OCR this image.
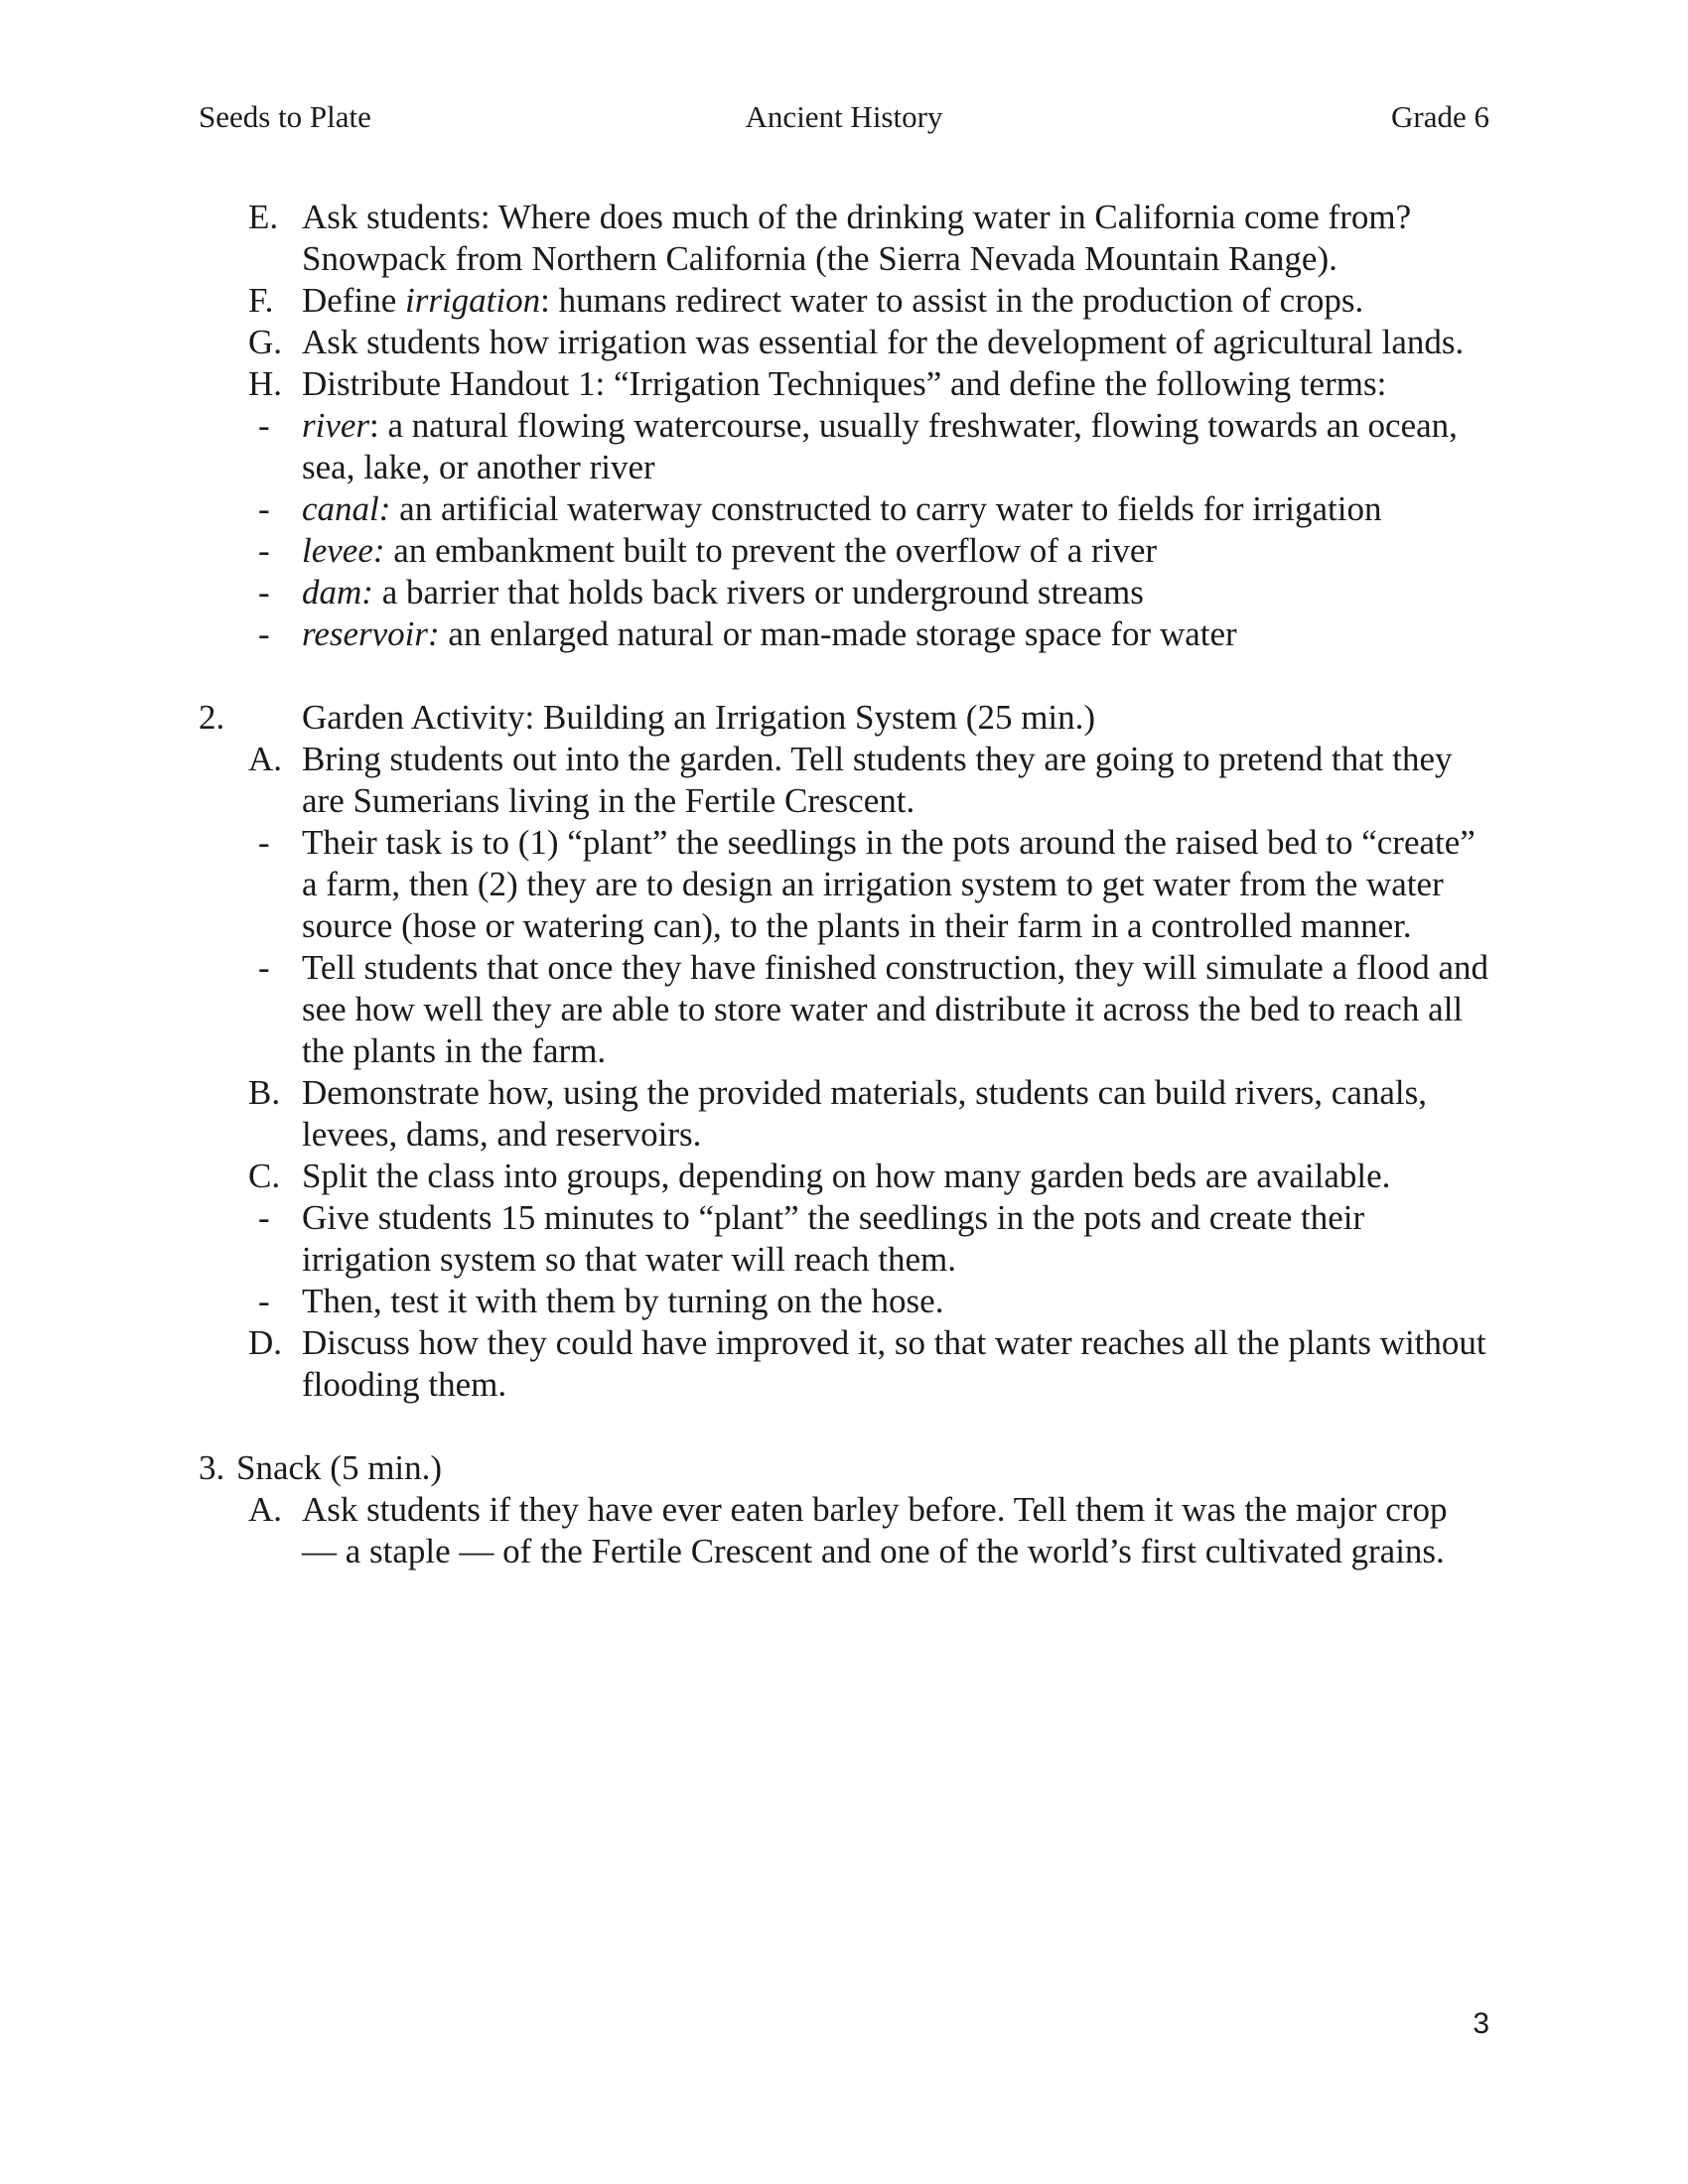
Seeds to Plate	Ancient History	Grade 6
E. Ask students: Where does much of the drinking water in California come from? Snowpack from Northern California (the Sierra Nevada Mountain Range).
F. Define irrigation: humans redirect water to assist in the production of crops.
G. Ask students how irrigation was essential for the development of agricultural lands.
H. Distribute Handout 1: “Irrigation Techniques” and define the following terms:
- river: a natural flowing watercourse, usually freshwater, flowing towards an ocean, sea, lake, or another river
- canal: an artificial waterway constructed to carry water to fields for irrigation
- levee: an embankment built to prevent the overflow of a river
- dam: a barrier that holds back rivers or underground streams
- reservoir: an enlarged natural or man-made storage space for water
2. Garden Activity: Building an Irrigation System (25 min.)
A. Bring students out into the garden. Tell students they are going to pretend that they are Sumerians living in the Fertile Crescent.
- Their task is to (1) “plant” the seedlings in the pots around the raised bed to “create” a farm, then (2) they are to design an irrigation system to get water from the water source (hose or watering can), to the plants in their farm in a controlled manner.
- Tell students that once they have finished construction, they will simulate a flood and see how well they are able to store water and distribute it across the bed to reach all the plants in the farm.
B. Demonstrate how, using the provided materials, students can build rivers, canals, levees, dams, and reservoirs.
C. Split the class into groups, depending on how many garden beds are available.
- Give students 15 minutes to “plant” the seedlings in the pots and create their irrigation system so that water will reach them.
- Then, test it with them by turning on the hose.
D. Discuss how they could have improved it, so that water reaches all the plants without flooding them.
3. Snack (5 min.)
A. Ask students if they have ever eaten barley before. Tell them it was the major crop — a staple — of the Fertile Crescent and one of the world’s first cultivated grains.
3
